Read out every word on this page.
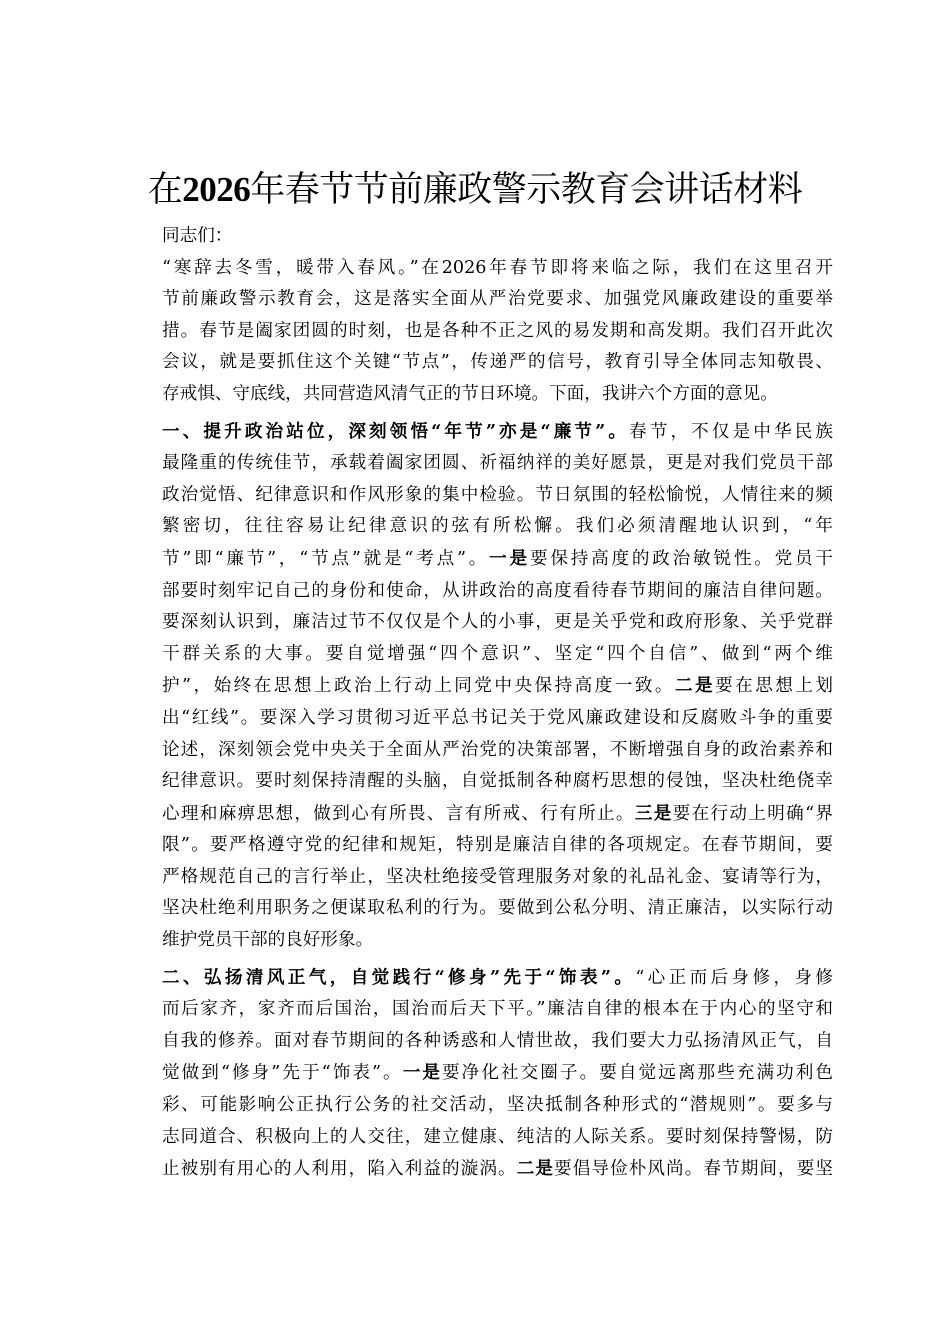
在2026年春节节前廉政警示教育会讲话材料

同志们：

“寒辞去冬雪，暖带入春风。”在2026年春节即将来临之际，我们在这里召开
节前廉政警示教育会，这是落实全面从严治党要求、加强党风廉政建设的重要举
措。春节是阖家团圆的时刻，也是各种不正之风的易发期和高发期。我们召开此次
会议，就是要抓住这个关键“节点”，传递严的信号，教育引导全体同志知敬畏、
存戒惧、守底线，共同营造风清气正的节日环境。下面，我讲六个方面的意见。

一、提升政治站位，深刻领悟“年节”亦是“廉节”。春节，不仅是中华民族
最隆重的传统佳节，承载着阖家团圆、祈福纳祥的美好愿景，更是对我们党员干部
政治觉悟、纪律意识和作风形象的集中检验。节日氛围的轻松愉悦，人情往来的频
繁密切，往往容易让纪律意识的弦有所松懈。我们必须清醒地认识到，“年
节”即“廉节”，“节点”就是“考点”。一是要保持高度的政治敏锐性。党员干
部要时刻牢记自己的身份和使命，从讲政治的高度看待春节期间的廉洁自律问题。
要深刻认识到，廉洁过节不仅仅是个人的小事，更是关乎党和政府形象、关乎党群
干群关系的大事。要自觉增强“四个意识”、坚定“四个自信”、做到“两个维
护”，始终在思想上政治上行动上同党中央保持高度一致。二是要在思想上划
出“红线”。要深入学习贯彻习近平总书记关于党风廉政建设和反腐败斗争的重要
论述，深刻领会党中央关于全面从严治党的决策部署，不断增强自身的政治素养和
纪律意识。要时刻保持清醒的头脑，自觉抵制各种腐朽思想的侵蚀，坚决杜绝侥幸
心理和麻痹思想，做到心有所畏、言有所戒、行有所止。三是要在行动上明确“界
限”。要严格遵守党的纪律和规矩，特别是廉洁自律的各项规定。在春节期间，要
严格规范自己的言行举止，坚决杜绝接受管理服务对象的礼品礼金、宴请等行为，
坚决杜绝利用职务之便谋取私利的行为。要做到公私分明、清正廉洁，以实际行动
维护党员干部的良好形象。

二、弘扬清风正气，自觉践行“修身”先于“饰表”。“心正而后身修，身修
而后家齐，家齐而后国治，国治而后天下平。”廉洁自律的根本在于内心的坚守和
自我的修养。面对春节期间的各种诱惑和人情世故，我们要大力弘扬清风正气，自
觉做到“修身”先于“饰表”。一是要净化社交圈子。要自觉远离那些充满功利色
彩、可能影响公正执行公务的社交活动，坚决抵制各种形式的“潜规则”。要多与
志同道合、积极向上的人交往，建立健康、纯洁的人际关系。要时刻保持警惕，防
止被别有用心的人利用，陷入利益的漩涡。二是要倡导俭朴风尚。春节期间，要坚
